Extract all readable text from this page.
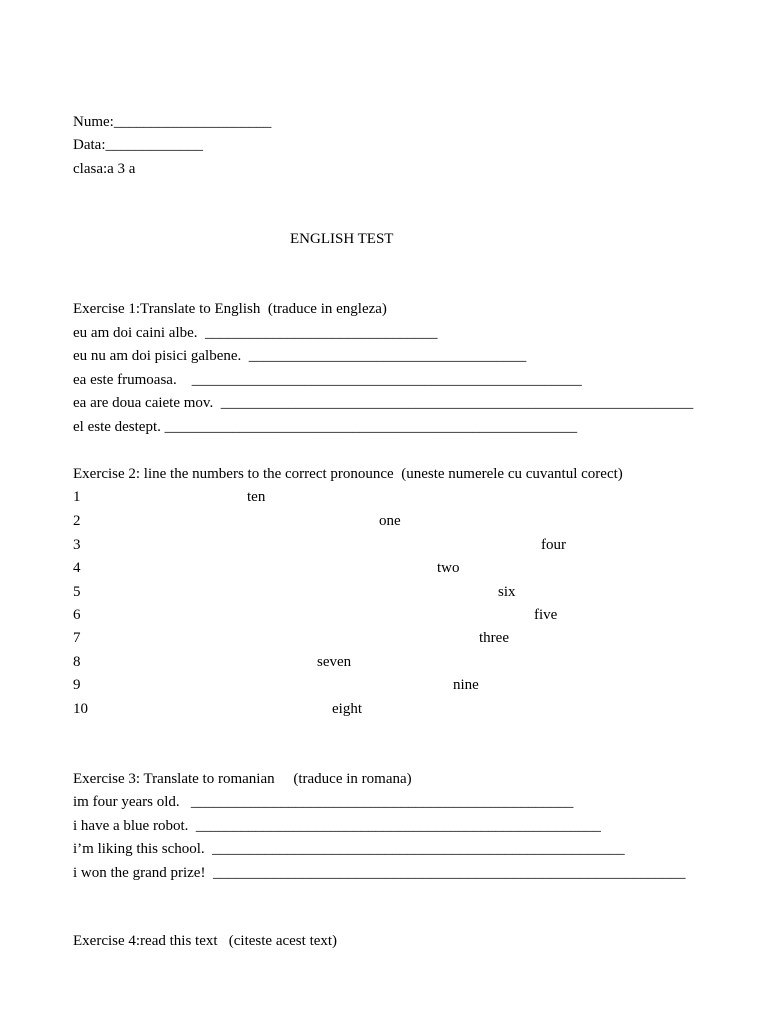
Nume:_____________________
Data:_____________
clasa:a 3 a
ENGLISH TEST
Exercise 1:Translate to English  (traduce in engleza)
eu am doi caini albe.  _______________________________
eu nu am doi pisici galbene.  _____________________________________
ea este frumoasa.    ____________________________________________________
ea are doua caiete mov.  _______________________________________________________________
el este destept. _______________________________________________________
Exercise 2: line the numbers to the correct pronounce  (uneste numerele cu cuvantul corect)
1	ten
2	one
3	four
4	two
5	six
6	five
7	three
8	seven
9	nine
10	eight
Exercise 3: Translate to romanian     (traduce in romana)
im four years old.   ___________________________________________________
i have a blue robot.  ______________________________________________________
i’m liking this school.  _______________________________________________________
i won the grand prize!  _______________________________________________________________
Exercise 4:read this text   (citeste acest text)
